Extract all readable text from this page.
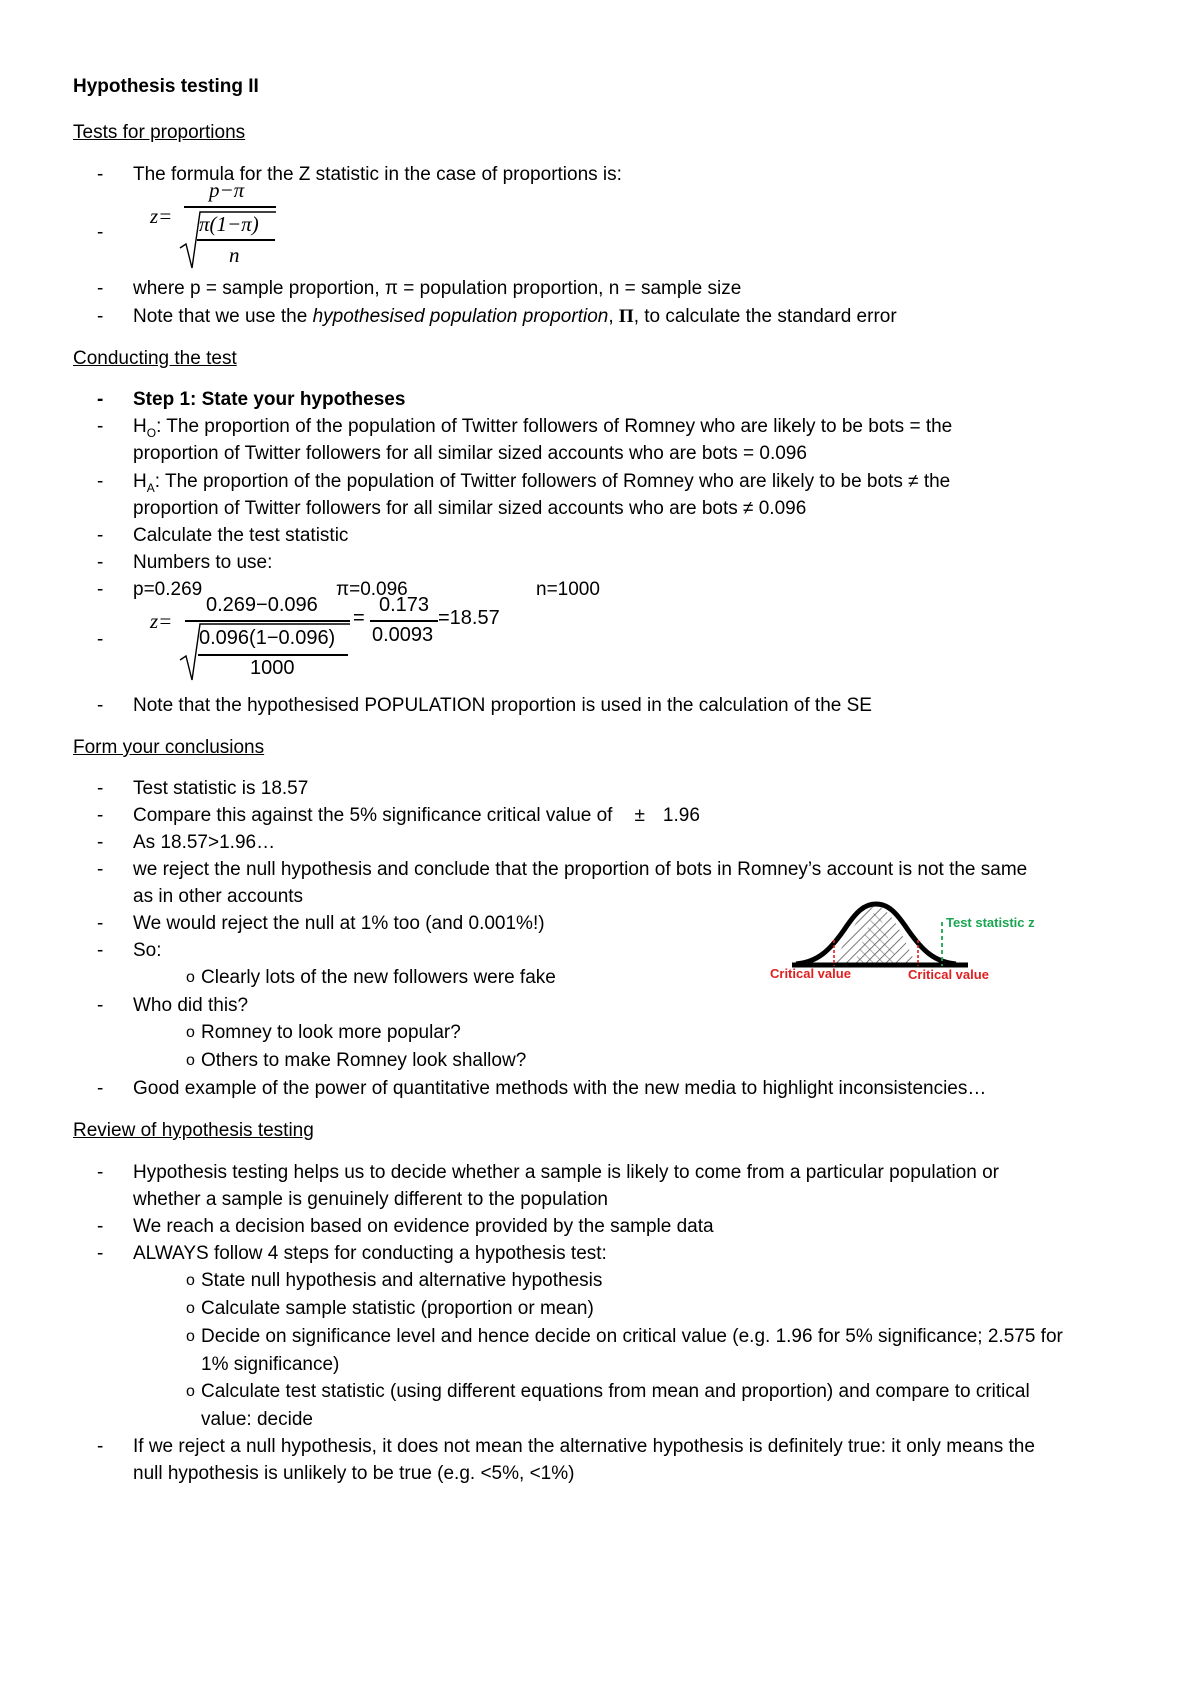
Hypothesis testing II
Tests for proportions
- The formula for the Z statistic in the case of proportions is:
-
z=
p−π
π(1−π)
n
- where p = sample proportion, π = population proportion, n = sample size
- Note that we use the hypothesised population proportion, Π, to calculate the standard error
Conducting the test
- Step 1: State your hypotheses
- $H_O$: The proportion of the population of Twitter followers of Romney who are likely to be bots = the
proportion of Twitter followers for all similar sized accounts who are bots = 0.096
- $H_A$: The proportion of the population of Twitter followers of Romney who are likely to be bots ≠ the
proportion of Twitter followers for all similar sized accounts who are bots ≠ 0.096
- Calculate the test statistic
- Numbers to use:
- p=0.269	π=0.096	n=1000
-
z=
0.269−0.096
0.096(1−0.096)
1000
=
0.173
0.0093
=18.57
- Note that the hypothesised POPULATION proportion is used in the calculation of the SE
Form your conclusions
- Test statistic is 18.57
- Compare this against the 5% significance critical value of ± 1.96
- As 18.57>1.96…
- we reject the null hypothesis and conclude that the proportion of bots in Romney’s account is not the same
as in other accounts
- We would reject the null at 1% too (and 0.001%!)
- So:
o Clearly lots of the new followers were fake
- Who did this?
o Romney to look more popular?
o Others to make Romney look shallow?
- Good example of the power of quantitative methods with the new media to highlight inconsistencies…
Test statistic z
Critical value	Critical value
Review of hypothesis testing
- Hypothesis testing helps us to decide whether a sample is likely to come from a particular population or
whether a sample is genuinely different to the population
- We reach a decision based on evidence provided by the sample data
- ALWAYS follow 4 steps for conducting a hypothesis test:
o State null hypothesis and alternative hypothesis
o Calculate sample statistic (proportion or mean)
o Decide on significance level and hence decide on critical value (e.g. 1.96 for 5% significance; 2.575 for
1% significance)
o Calculate test statistic (using different equations from mean and proportion) and compare to critical
value: decide
- If we reject a null hypothesis, it does not mean the alternative hypothesis is definitely true: it only means the
null hypothesis is unlikely to be true (e.g. <5%, <1%)
